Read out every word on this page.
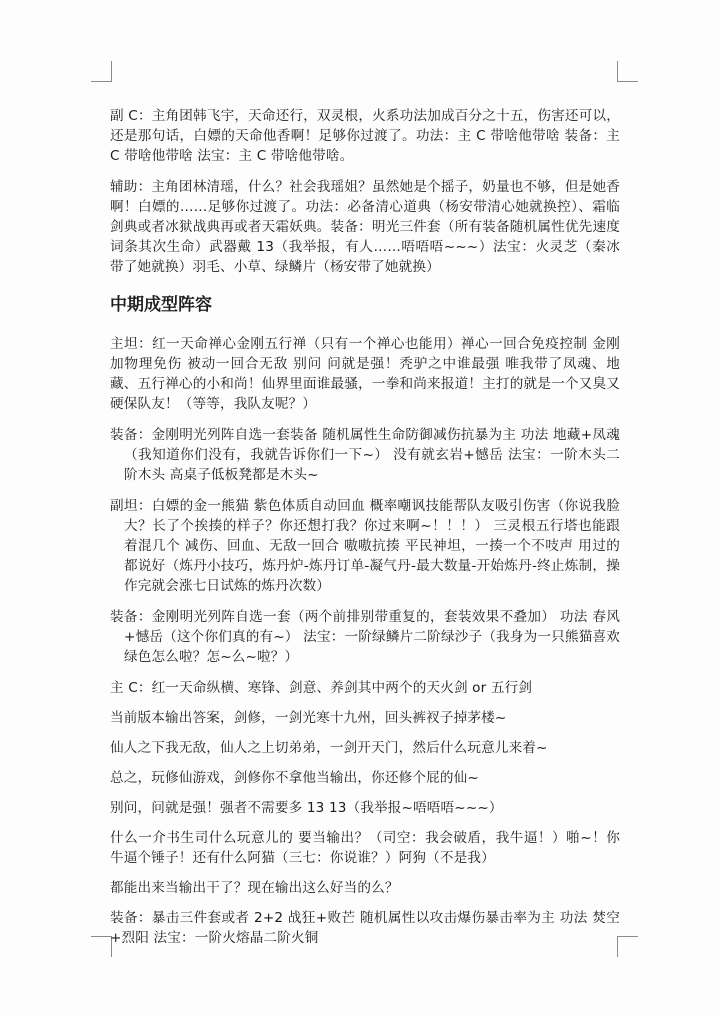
副 C：主角团韩飞宇，天命还行，双灵根，火系功法加成百分之十五，伤害还可以，还是那句话，白嫖的天命他香啊！足够你过渡了。功法：主 C 带啥他带啥 装备：主 C 带啥他带啥 法宝：主 C 带啥他带啥。

辅助：主角团林清瑶，什么？社会我瑶姐？虽然她是个摇子，奶量也不够，但是她香啊！白嫖的……足够你过渡了。功法：必备清心道典（杨安带清心她就换控）、霜临剑典或者冰狱战典再或者天霜妖典。装备：明光三件套（所有装备随机属性优先速度词条其次生命）武器戴 13（我举报，有人……唔唔唔~~~）法宝：火灵芝（秦冰带了她就换）羽毛、小草、绿鳞片（杨安带了她就换）

中期成型阵容

主坦：红一天命禅心金刚五行禅（只有一个禅心也能用）禅心一回合免疫控制 金刚加物理免伤 被动一回合无敌 别问 问就是强！秃驴之中谁最强 唯我带了凤魂、地藏、五行禅心的小和尚！仙界里面谁最骚，一拳和尚来报道！主打的就是一个又臭又硬保队友！（等等，我队友呢？）

装备：金刚明光列阵自选一套装备 随机属性生命防御减伤抗暴为主 功法 地藏+凤魂（我知道你们没有，我就告诉你们一下~） 没有就玄岩+憾岳 法宝：一阶木头二阶木头 高桌子低板凳都是木头~

副坦：白嫖的金一熊猫 紫色体质自动回血 概率嘲讽技能帮队友吸引伤害（你说我脸大？长了个挨揍的样子？你还想打我？你过来啊~！！！） 三灵根五行塔也能跟着混几个 减伤、回血、无敌一回合 嗷嗷抗揍 平民神坦，一揍一个不吱声 用过的都说好（炼丹小技巧，炼丹炉-炼丹订单-凝气丹-最大数量-开始炼丹-终止炼制，操作完就会涨七日试炼的炼丹次数）

装备：金刚明光列阵自选一套（两个前排别带重复的，套装效果不叠加） 功法 春风+憾岳（这个你们真的有~） 法宝：一阶绿鳞片二阶绿沙子（我身为一只熊猫喜欢绿色怎么啦？怎~么~啦？）

主 C：红一天命纵横、寒锋、剑意、养剑其中两个的天火剑 or 五行剑

当前版本输出答案，剑修，一剑光寒十九州，回头裤衩子掉茅楼~

仙人之下我无敌，仙人之上切弟弟，一剑开天门，然后什么玩意儿来着~

总之，玩修仙游戏，剑修你不拿他当输出，你还修个屁的仙~

别问，问就是强！强者不需要多 13 13（我举报~唔唔唔~~~）

什么一介书生司什么玩意儿的 要当输出？（司空：我会破盾，我牛逼！）啪~！你牛逼个锤子！还有什么阿猫（三七：你说谁？）阿狗（不是我）

都能出来当输出干了？现在输出这么好当的么？

装备：暴击三件套或者 2+2 战狂+败芒 随机属性以攻击爆伤暴击率为主 功法 焚空+烈阳 法宝：一阶火熔晶二阶火铜
